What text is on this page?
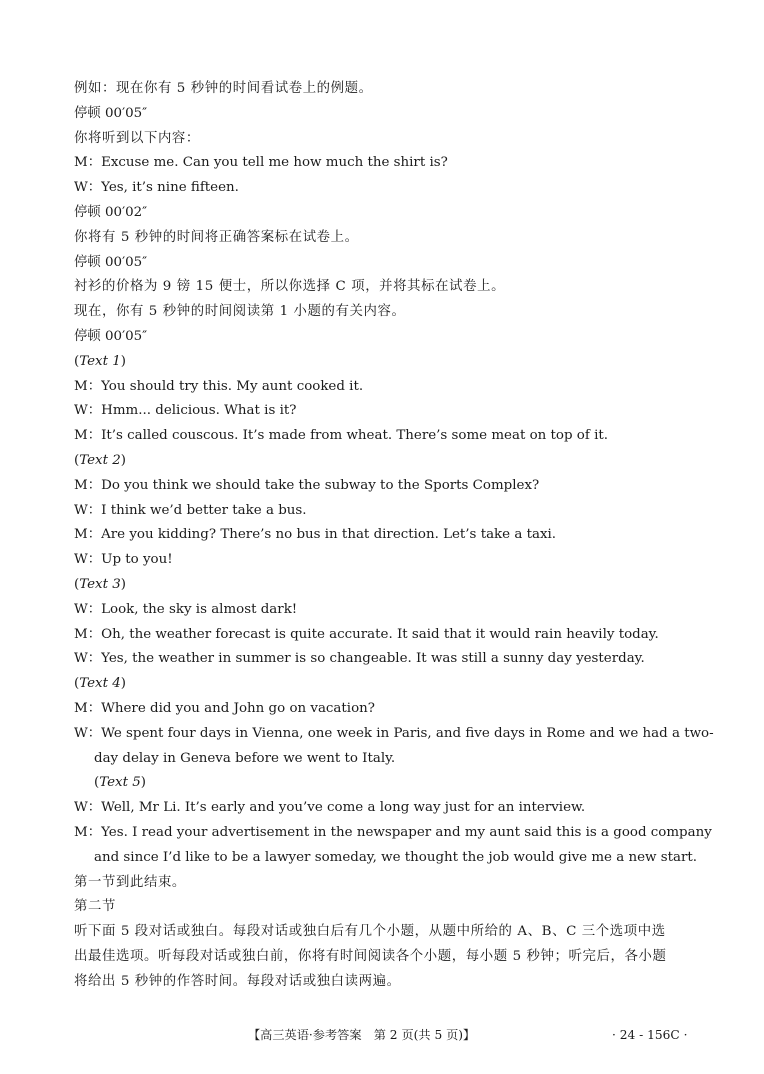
例如：现在你有 5 秒钟的时间看试卷上的例题。
停顿 00′05″
你将听到以下内容：
M：Excuse me. Can you tell me how much the shirt is?
W：Yes, it’s nine fifteen.
停顿 00′02″
你将有 5 秒钟的时间将正确答案标在试卷上。
停顿 00′05″
衬衫的价格为 9 镑 15 便士，所以你选择 C 项，并将其标在试卷上。
现在，你有 5 秒钟的时间阅读第 1 小题的有关内容。
停顿 00′05″
(Text 1)
M：You should try this. My aunt cooked it.
W：Hmm... delicious. What is it?
M：It’s called couscous. It’s made from wheat. There’s some meat on top of it.
(Text 2)
M：Do you think we should take the subway to the Sports Complex?
W：I think we’d better take a bus.
M：Are you kidding? There’s no bus in that direction. Let’s take a taxi.
W：Up to you!
(Text 3)
W：Look, the sky is almost dark!
M：Oh, the weather forecast is quite accurate. It said that it would rain heavily today.
W：Yes, the weather in summer is so changeable. It was still a sunny day yesterday.
(Text 4)
M：Where did you and John go on vacation?
W：We spent four days in Vienna, one week in Paris, and five days in Rome and we had a two-
day delay in Geneva before we went to Italy.
(Text 5)
W：Well, Mr Li. It’s early and you’ve come a long way just for an interview.
M：Yes. I read your advertisement in the newspaper and my aunt said this is a good company
and since I’d like to be a lawyer someday, we thought the job would give me a new start.
第一节到此结束。
第二节
听下面 5 段对话或独白。每段对话或独白后有几个小题，从题中所给的 A、B、C 三个选项中选
出最佳选项。听每段对话或独白前，你将有时间阅读各个小题，每小题 5 秒钟；听完后，各小题
将给出 5 秒钟的作答时间。每段对话或独白读两遍。
【高三英语·参考答案　第 2 页(共 5 页)】	· 24 - 156C ·
